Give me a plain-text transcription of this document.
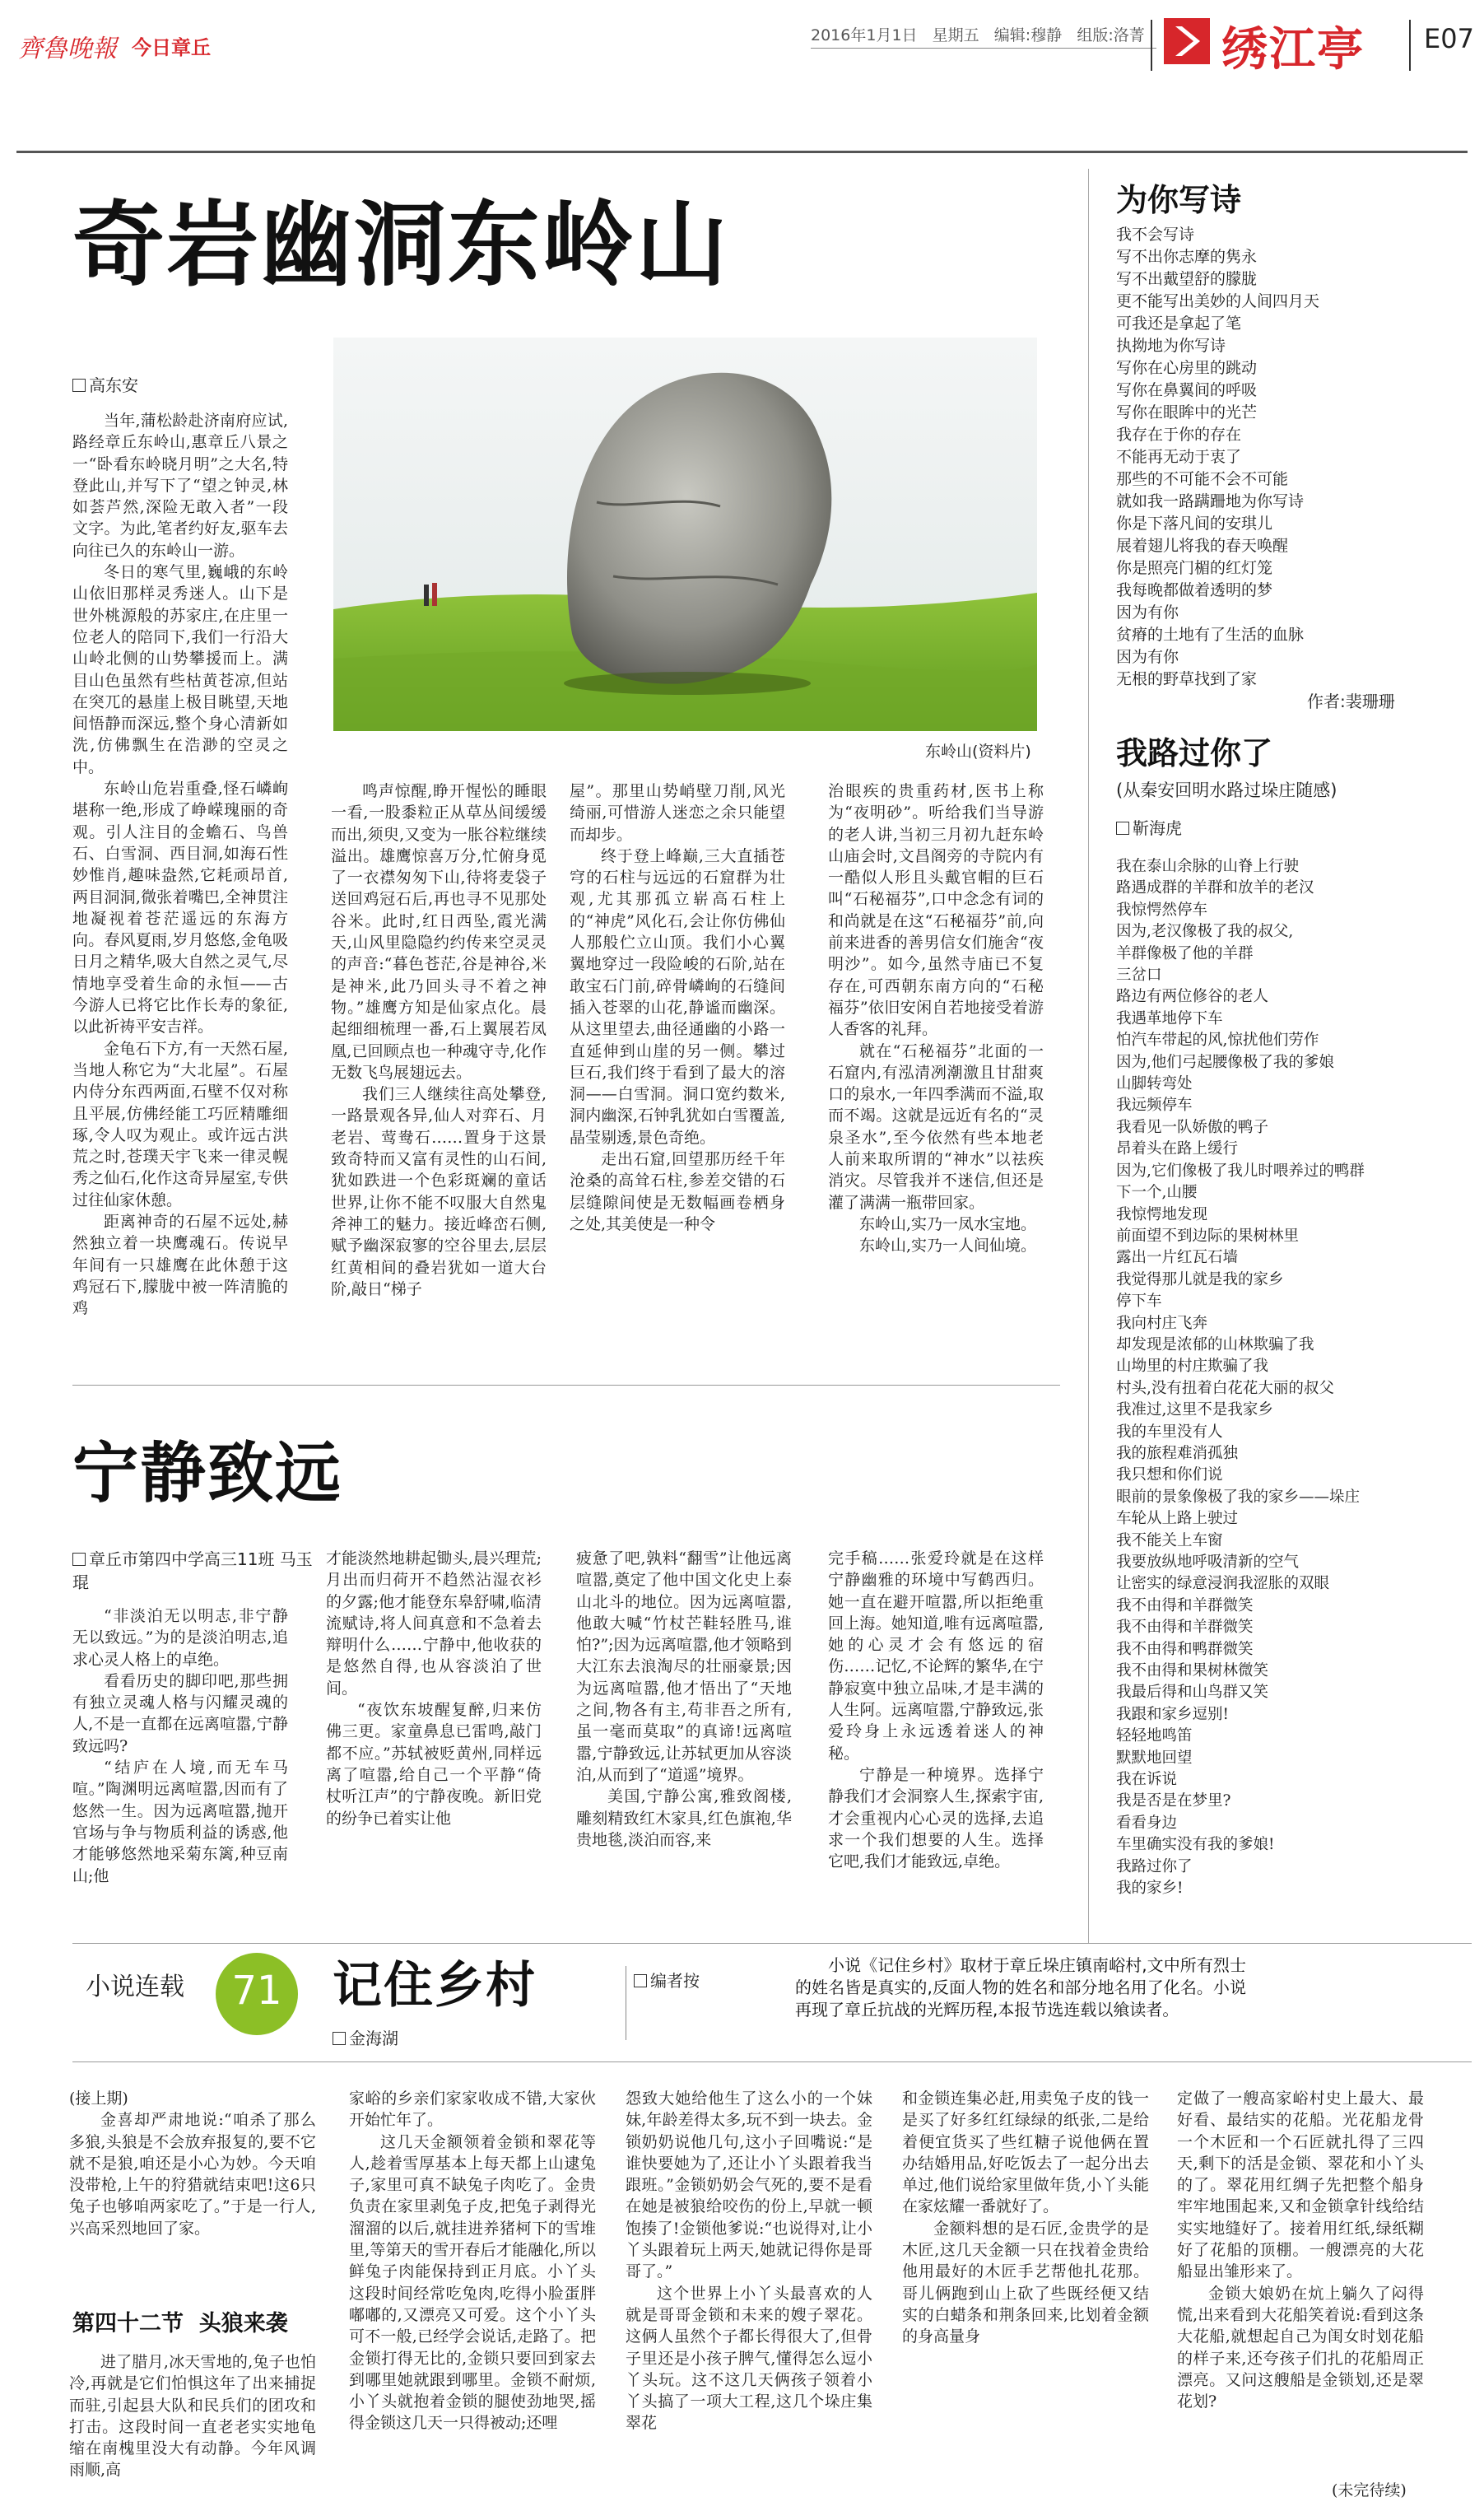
齊魯晚報 今日章丘
2016年1月1日 星期五 编辑:穆静 组版:洛菁 绣江亭 E07
奇岩幽洞东岭山
高东安

当年,蒲松龄赴济南府应试,路经章丘东岭山,惠章丘八景之一“卧看东岭晓月明”之大名,特登此山,并写下了“望之钟灵,林如荟芦然,深险无敢入者”一段文字。为此,笔者约好友,驱车去向往已久的东岭山一游。

冬日的寒气里,巍峨的东岭山依旧那样灵秀迷人。山下是世外桃源般的苏家庄,在庄里一位老人的陪同下,我们一行沿大山岭北侧的山势攀援而上。满目山色虽然有些枯黄苍凉,但站在突兀的悬崖上极目眺望,天地间悟静而深远,整个身心清新如洗,仿佛飘生在浩渺的空灵之中。

东岭山危岩重叠,怪石嶙峋堪称一绝,形成了峥嵘瑰丽的奇观。引人注目的金蟾石、鸟兽石、白雪洞、西目洞,如海石性妙惟肖,趣味盎然,它耗顽昂首,两目洞洞,微张着嘴巴,全神贯注地凝视着苍茫遥远的东海方向。春风夏雨,岁月悠悠,金龟吸日月之精华,吸大自然之灵气,尽情地享受着生命的永恒——古今游人已将它比作长寿的象征,以此祈祷平安吉祥。

金龟石下方,有一天然石屋,当地人称它为“大北屋”。石屋内侍分东西两面,石壁不仅对称且平展,仿佛经能工巧匠精雕细琢,令人叹为观止。或许远古洪荒之时,苍璞天宇飞来一律灵幌秀之仙石,化作这奇异屋室,专供过往仙家休憩。

距离神奇的石屋不远处,赫然独立着一块鹰魂石。传说早年间有一只雄鹰在此休憩于这鸡冠石下,朦胧中被一阵清脆的鸡

东岭山(资料片)

鸣声惊醒,睁开惺忪的睡眼一看,一股黍粒正从草丛间缓缓而出,须臾,又变为一胀谷粒继续溢出。雄鹰惊喜万分,忙俯身觅了一衣襟匆匆下山,待将麦袋子送回鸡冠石后,再也寻不见那处谷米。此时,红日西坠,霞光满天,山风里隐隐约约传来空灵灵的声音:“暮色苍茫,谷是神谷,米是神米,此乃回头寻不着之神物。”雄鹰方知是仙家点化。晨起细细梳理一番,石上翼展若凤凰,已回顾点也一种魂守寺,化作无数飞鸟展翅远去。

我们三人继续往高处攀登,一路景观各异,仙人对弈石、月老岩、莺鸯石……置身于这景致奇特而又富有灵性的山石间,犹如跌进一个色彩斑斓的童话世界,让你不能不叹服大自然鬼斧神工的魅力。接近峰峦石侧,赋予幽深寂寥的空谷里去,层层红黄相间的叠岩犹如一道大台阶,敲日“梯子

屋”。那里山势峭壁刀削,风光绮丽,可惜游人迷恋之余只能望而却步。

终于登上峰巅,三大直插苍穹的石柱与远远的石窟群为壮观,尤其那孤立崭高石柱上的“神虎”风化石,会让你仿佛仙人那般伫立山顶。我们小心翼翼地穿过一段险峻的石阶,站在敢宝石门前,碎骨嶙峋的石缝间插入苍翠的山花,静谧而幽深。从这里望去,曲径通幽的小路一直延伸到山崖的另一侧。攀过巨石,我们终于看到了最大的溶洞——白雪洞。洞口宽约数米,洞内幽深,石钟乳犹如白雪覆盖,晶莹剔透,景色奇绝。

走出石窟,回望那历经千年沧桑的高耸石柱,参差交错的石层缝隙间使是无数幅画卷栖身之处,其美使是一种令

治眼疾的贵重药材,医书上称为“夜明砂”。听给我们当导游的老人讲,当初三月初九赶东岭山庙会时,文昌阁旁的寺院内有一酷似人形且头戴官帽的巨石叫“石秘福芬”,口中念念有词的和尚就是在这“石秘福芬”前,向前来进香的善男信女们施舍“夜明沙”。如今,虽然寺庙已不复存在,可西朝东南方向的“石秘福芬”依旧安闲自若地接受着游人香客的礼拜。

就在“石秘福芬”北面的一石窟内,有泓清冽潮激且甘甜爽口的泉水,一年四季满而不溢,取而不竭。这就是远近有名的“灵泉圣水”,至今依然有些本地老人前来取所谓的“神水”以祛疾消灾。尽管我并不迷信,但还是灌了满满一瓶带回家。

东岭山,实乃一凤水宝地。

东岭山,实乃一人间仙境。

宁静致远
章丘市第四中学高三11班 马玉琨

“非淡泊无以明志,非宁静无以致远。”为的是淡泊明志,追求心灵人格上的卓绝。

看看历史的脚印吧,那些拥有独立灵魂人格与闪耀灵魂的人,不是一直都在远离喧嚣,宁静致远吗?

“结庐在人境,而无车马喧。”陶渊明远离喧嚣,因而有了悠然一生。因为远离喧嚣,抛开官场与争与物质利益的诱惑,他才能够悠然地采菊东篱,种豆南山;他

才能淡然地耕起锄头,晨兴理荒;月出而归荷开不趋然沾湿衣衫的夕露;他才能登东皋舒啸,临清流赋诗,将人间真意和不急着去辩明什么……宁静中,他收获的是悠然自得,也从容淡泊了世间。

“夜饮东坡醒复醉,归来仿佛三更。家童鼻息已雷鸣,敲门都不应。”苏轼被贬黄州,同样远离了喧嚣,给自己一个平静“倚杖听江声”的宁静夜晚。新旧党的纷争已着实让他

疲惫了吧,孰料“翻雪”让他远离喧嚣,奠定了他中国文化史上泰山北斗的地位。因为远离喧嚣,他敢大喊“竹杖芒鞋轻胜马,谁怕?”;因为远离喧嚣,他才领略到大江东去浪淘尽的壮丽豪景;因为远离喧嚣,他才悟出了“天地之间,物各有主,苟非吾之所有,虽一毫而莫取”的真谛!远离喧嚣,宁静致远,让苏轼更加从容淡泊,从而到了“道遥”境界。

美国,宁静公寓,雅致阁楼,雕刻精致红木家具,红色旗袍,华贵地毯,淡泊而容,来

完手稿……张爱玲就是在这样宁静幽雅的环境中写鹤西归。她一直在避开喧嚣,所以拒绝重回上海。她知道,唯有远离喧嚣,她的心灵才会有悠远的宿伤……记忆,不论辉的繁华,在宁静寂寞中独立品味,才是丰满的人生阿。远离喧嚣,宁静致远,张爱玲身上永远透着迷人的神秘。

宁静是一种境界。选择宁静我们才会洞察人生,探索宇宙,才会重视内心心灵的选择,去追求一个我们想要的人生。选择它吧,我们才能致远,卓绝。

为你写诗
我不会写诗
写不出你志摩的隽永
写不出戴望舒的朦胧
更不能写出美妙的人间四月天
可我还是拿起了笔
执拗地为你写诗
写你在心房里的跳动
写你在鼻翼间的呼吸
写你在眼眸中的光芒
我存在于你的存在
不能再无动于衷了
那些的不可能不会不可能
就如我一路蹒跚地为你写诗
你是下落凡间的安琪儿
展着翅儿将我的春天唤醒
你是照亮门楣的红灯笼
我每晚都做着透明的梦
因为有你
贫瘠的土地有了生活的血脉
因为有你
无根的野草找到了家
作者:裴珊珊
我路过你了
(从秦安回明水路过垛庄随感)
靳海虎
我在泰山余脉的山脊上行驶
路遇成群的羊群和放羊的老汉
我惊愕然停车
因为,老汉像极了我的叔父,
羊群像极了他的羊群
三岔口
路边有两位修谷的老人
我遇革地停下车
怕汽车带起的风,惊扰他们劳作
因为,他们弓起腰像极了我的爹娘
山脚转弯处
我远频停车
我看见一队娇傲的鸭子
昂着头在路上缓行
因为,它们像极了我儿时喂养过的鸭群
下一个,山腰
我惊愕地发现
前面望不到边际的果树林里
露出一片红瓦石墙
我觉得那儿就是我的家乡
停下车
我向村庄飞奔
却发现是浓郁的山林欺骗了我
山坳里的村庄欺骗了我
村头,没有扭着白花花大丽的叔父
我准过,这里不是我家乡
我的车里没有人
我的旅程难消孤独
我只想和你们说
眼前的景象像极了我的家乡——垛庄
车轮从上路上驶过
我不能关上车窗
我要放纵地呼吸清新的空气
让密实的绿意浸润我涩胀的双眼
我不由得和羊群微笑
我不由得和羊群微笑
我不由得和鸭群微笑
我不由得和果树林微笑
我最后得和山鸟群又笑
我跟和家乡逗别!
轻轻地鸣笛
默默地回望
我在诉说
我是否是在梦里?
看看身边
车里确实没有我的爹娘!
我路过你了
我的家乡!
小说连载	71	记住乡村
金海湖
编者按
小说《记住乡村》取材于章丘垛庄镇南峪村,文中所有烈士的姓名皆是真实的,反面人物的姓名和部分地名用了化名。小说再现了章丘抗战的光辉历程,本报节选连载以飨读者。

(接上期)

金喜却严肃地说:“咱杀了那么多狼,头狼是不会放弃报复的,要不它就不是狼,咱还是小心为妙。今天咱没带枪,上午的狩猎就结束吧!这6只兔子也够咱两家吃了。”于是一行人,兴高采烈地回了家。

第四十二节  头狼来袭

进了腊月,冰天雪地的,兔子也怕冷,再就是它们怕惧这年了出来捕捉而驻,引起县大队和民兵们的团攻和打击。这段时间一直老老实实地龟缩在南槐里没大有动静。今年风调雨顺,高

家峪的乡亲们家家收成不错,大家伙开始忙年了。

这几天金额领着金锁和翠花等人,趁着雪厚基本上每天都上山逮兔子,家里可真不缺兔子肉吃了。金贵负责在家里剥兔子皮,把兔子剥得光溜溜的以后,就挂进养猪柯下的雪堆里,等第天的雪开春后才能融化,所以鲜兔子肉能保持到正月底。小丫头这段时间经常吃兔肉,吃得小脸蛋胖嘟嘟的,又漂亮又可爱。这个小丫头可不一般,已经学会说话,走路了。把金锁打得无比的,金锁只要回到家去到哪里她就跟到哪里。金锁不耐烦,小丫头就抱着金锁的腿使劲地哭,摇得金锁这几天一只得被动;还哩

怨致大她给他生了这么小的一个妹妹,年龄差得太多,玩不到一块去。金锁奶奶说他几句,这小子回嘴说:“是谁快要她为了,还让小丫头跟着我当跟班。”金锁奶奶会气死的,要不是看在她是被狼给咬伤的份上,早就一顿饱揍了!金锁他爹说:“也说得对,让小丫头跟着玩上两天,她就记得你是哥哥了。”

这个世界上小丫头最喜欢的人就是哥哥金锁和未来的嫂子翠花。这俩人虽然个子都长得很大了,但骨子里还是小孩子脾气,懂得怎么逗小丫头玩。这不这几天俩孩子领着小丫头搞了一项大工程,这几个垛庄集翠花

和金锁连集必赶,用卖兔子皮的钱一是买了好多红红绿绿的纸张,二是给着便宜货买了些红糖子说他俩在置办结婚用品,好吃饭去了一起分出去单过,他们说给家里做年货,小丫头能在家炫耀一番就好了。

金额料想的是石匠,金贵学的是木匠,这几天金额一只在找着金贵给他用最好的木匠手艺帮他扎花那。哥儿俩跑到山上砍了些既经便又结实的白蜡条和荆条回来,比划着金额的身高量身

定做了一艘高家峪村史上最大、最好看、最结实的花船。光花船龙骨一个木匠和一个石匠就扎得了三四天,剩下的活是金锁、翠花和小丫头的了。翠花用红绸子先把整个船身牢牢地围起来,又和金锁拿针线给结实实地缝好了。接着用红纸,绿纸糊好了花船的顶棚。一艘漂亮的大花船显出雏形来了。

金锁大娘奶在炕上躺久了闷得慌,出来看到大花船笑着说:看到这条大花船,就想起自己为闺女时划花船的样子来,还夸孩子们扎的花船周正漂亮。又问这艘船是金锁划,还是翠花划?

(未完待续)
